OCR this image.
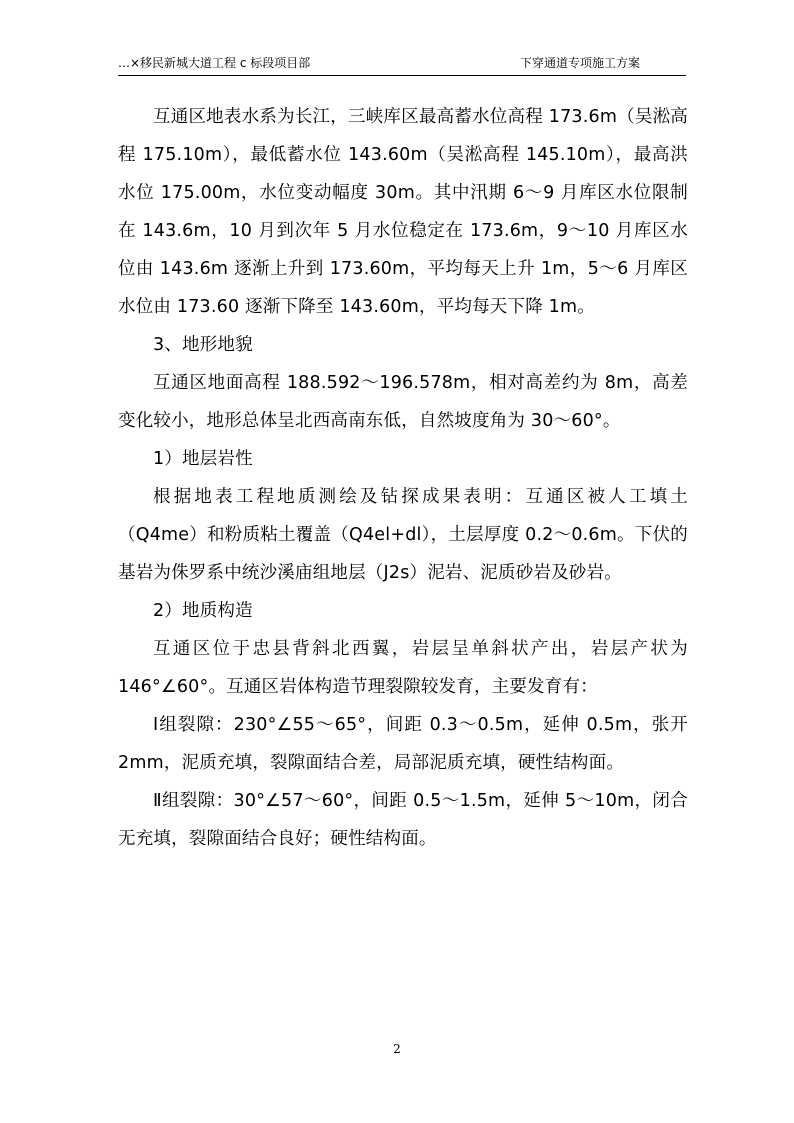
…×移民新城大道工程 c 标段项目部	下穿通道专项施工方案

互通区地表水系为长江，三峡库区最高蓄水位高程 173.6m（吴淞高程 175.10m），最低蓄水位 143.60m（吴淞高程 145.10m），最高洪水位 175.00m，水位变动幅度 30m。其中汛期 6～9 月库区水位限制在 143.6m，10 月到次年 5 月水位稳定在 173.6m，9～10 月库区水位由 143.6m 逐渐上升到 173.60m，平均每天上升 1m，5～6 月库区水位由 173.60 逐渐下降至 143.60m，平均每天下降 1m。

3、地形地貌

互通区地面高程 188.592～196.578m，相对高差约为 8m，高差变化较小，地形总体呈北西高南东低，自然坡度角为 30～60°。

1）地层岩性

根据地表工程地质测绘及钻探成果表明：互通区被人工填土（Q4me）和粉质粘土覆盖（Q4el+dl），土层厚度 0.2～0.6m。下伏的基岩为侏罗系中统沙溪庙组地层（J2s）泥岩、泥质砂岩及砂岩。

2）地质构造

互通区位于忠县背斜北西翼，岩层呈单斜状产出，岩层产状为 146°∠60°。互通区岩体构造节理裂隙较发育，主要发育有：

Ⅰ组裂隙：230°∠55～65°，间距 0.3～0.5m，延伸 0.5m，张开 2mm，泥质充填，裂隙面结合差，局部泥质充填，硬性结构面。

Ⅱ组裂隙：30°∠57～60°，间距 0.5～1.5m，延伸 5～10m，闭合无充填，裂隙面结合良好；硬性结构面。

2
